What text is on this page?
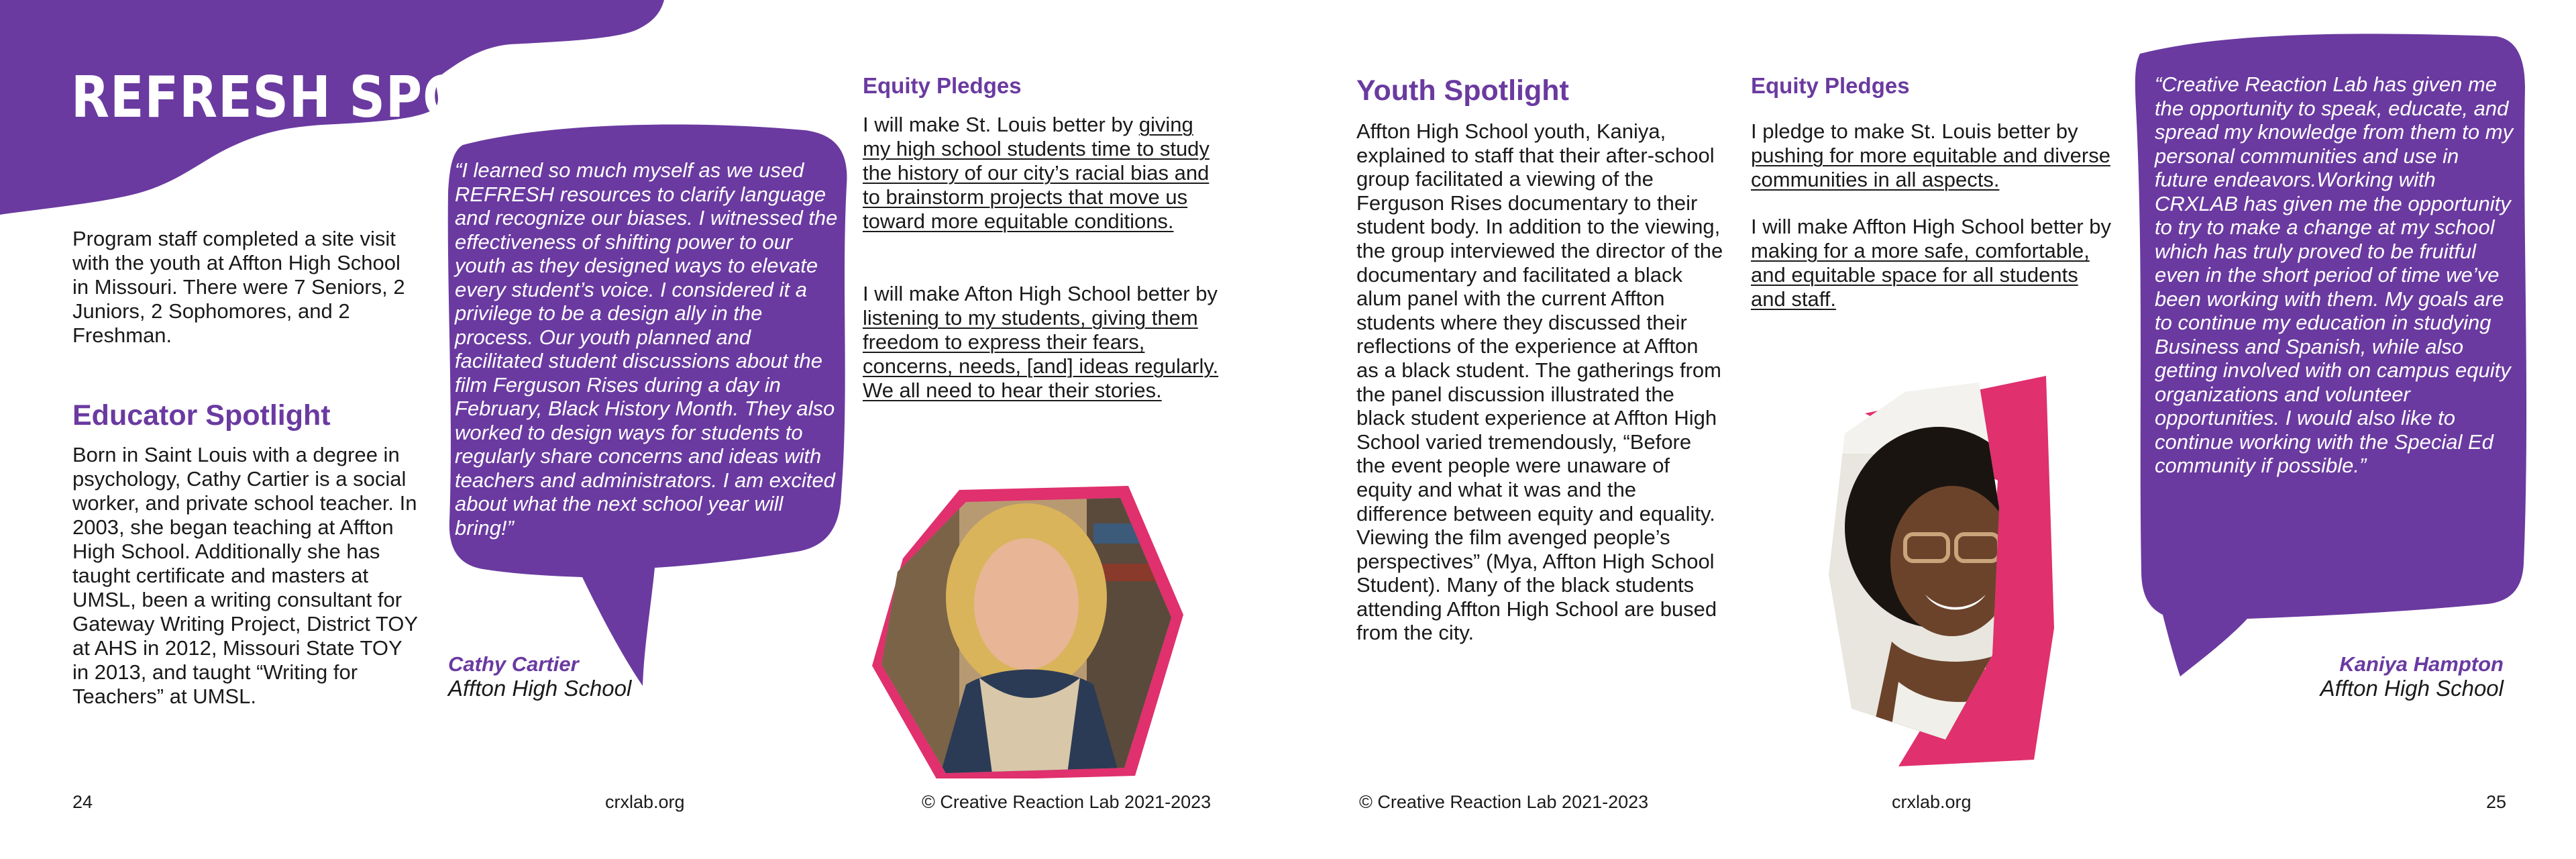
REFRESH SPOTLIGHT
Program staff completed a site visit with the youth at Affton High School in Missouri. There were 7 Seniors, 2 Juniors, 2 Sophomores, and 2 Freshman.
Educator Spotlight
Born in Saint Louis with a degree in psychology, Cathy Cartier is a social worker, and private school teacher. In 2003, she began teaching at Affton High School. Additionally she has taught certificate and masters at UMSL, been a writing consultant for Gateway Writing Project, District TOY at AHS in 2012, Missouri State TOY in 2013, and taught “Writing for Teachers” at UMSL.
“I learned so much myself as we used REFRESH resources to clarify language and recognize our biases. I witnessed the effectiveness of shifting power to our youth as they designed ways to elevate every student’s voice. I considered it a privilege to be a design ally in the process. Our youth planned and facilitated student discussions about the film Ferguson Rises during a day in February, Black History Month. They also worked to design ways for students to regularly share concerns and ideas with teachers and administrators. I am excited about what the next school year will bring!”
Cathy Cartier
Affton High School
Equity Pledges
I will make St. Louis better by giving my high school students time to study the history of our city’s racial bias and to brainstorm projects that move us toward more equitable conditions.
I will make Afton High School better by listening to my students, giving them freedom to express their fears, concerns, needs, [and] ideas regularly. We all need to hear their stories.
24	crxlab.org	© Creative Reaction Lab 2021-2023
Youth Spotlight
Affton High School youth, Kaniya, explained to staff that their after-school group facilitated a viewing of the Ferguson Rises documentary to their student body. In addition to the viewing, the group interviewed the director of the documentary and facilitated a black alum panel with the current Affton students where they discussed their reflections of the experience at Affton as a black student. The gatherings from the panel discussion illustrated the black student experience at Affton High School varied tremendously, “Before the event people were unaware of equity and what it was and the difference between equity and equality. Viewing the film avenged people’s perspectives” (Mya, Affton High School Student). Many of the black students attending Affton High School are bused from the city.
Equity Pledges
I pledge to make St. Louis better by pushing for more equitable and diverse communities in all aspects.
I will make Affton High School better by making for a more safe, comfortable, and equitable space for all students and staff.
“Creative Reaction Lab has given me the opportunity to speak, educate, and spread my knowledge from them to my personal communities and use in future endeavors.Working with CRXLAB has given me the opportunity to try to make a change at my school which has truly proved to be fruitful even in the short period of time we’ve been working with them. My goals are to continue my education in studying Business and Spanish, while also getting involved with on campus equity organizations and volunteer opportunities. I would also like to continue working with the Special Ed community if possible.”
Kaniya Hampton
Affton High School
© Creative Reaction Lab 2021-2023	crxlab.org	25
